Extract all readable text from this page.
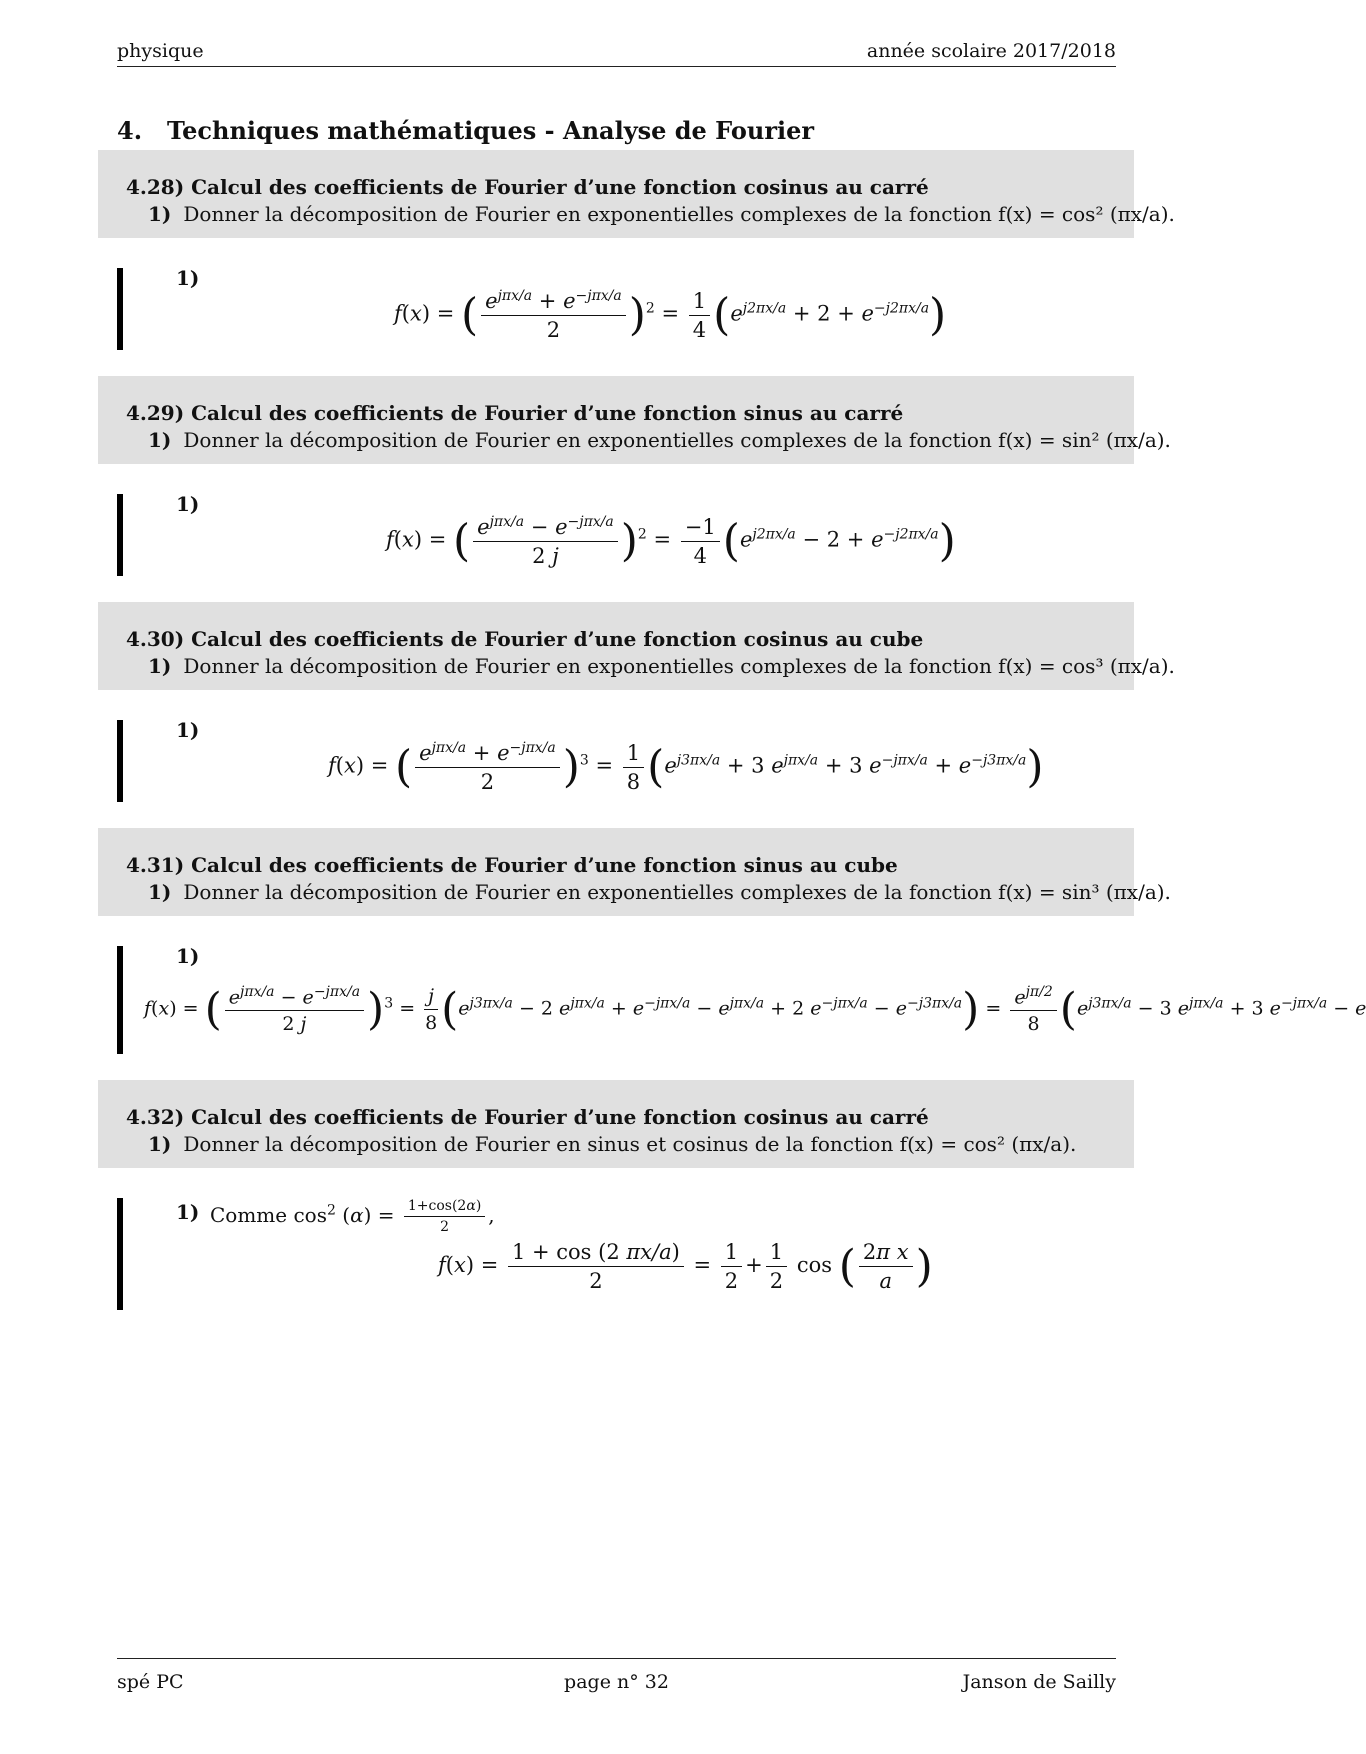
physique	année scolaire 2017/2018
4. Techniques mathématiques - Analyse de Fourier
4.28) Calcul des coefficients de Fourier d’une fonction cosinus au carré
1) Donner la décomposition de Fourier en exponentielles complexes de la fonction f(x) = cos² (πx/a).
1)
f(x) = ( $\frac{e^{j\pi x/a} + e^{-j\pi x/a}}{2} )^2 = \frac{1}{4} (e^{j2\pi x/a} + 2 + e^{-j2\pi x/a})$
4.29) Calcul des coefficients de Fourier d’une fonction sinus au carré
1) Donner la décomposition de Fourier en exponentielles complexes de la fonction f(x) = sin² (πx/a).
1)
f(x) = ( $\frac{e^{j\pi x/a} - e^{-j\pi x/a}}{2 j} )^2 = \frac{-1}{4} (e^{j2\pi x/a} - 2 + e^{-j2\pi x/a})$
4.30) Calcul des coefficients de Fourier d’une fonction cosinus au cube
1) Donner la décomposition de Fourier en exponentielles complexes de la fonction f(x) = cos³ (πx/a).
1)
f(x) = ( $\frac{e^{j\pi x/a} + e^{-j\pi x/a}}{2} )^3 = \frac{1}{8} (e^{j3\pi x/a} + 3$ $e^{j\pi x/a} + 3$ $e^{-j\pi x/a} + e^{-j3\pi x/a}$)
4.31) Calcul des coefficients de Fourier d’une fonction sinus au cube
1) Donner la décomposition de Fourier en exponentielles complexes de la fonction f(x) = sin³ (πx/a).
1)
f(x) = ( $\frac{e^{j\pi x/a} - e^{-j\pi x/a}}{2 j} )^3 = \frac{j}{8} (e^{j3\pi x/a} - 2$ $e^{j\pi x/a} + e^{-j\pi x/a} - e^{j\pi x/a} + 2$ $e^{-j\pi x/a} - e^{-j3\pi x/a}) = \frac{e^{j\pi/2}}{8} (e^{j3\pi x/a} - 3$ $e^{j\pi x/a} + 3$ $e^{-j\pi x/a} - e$
4.32) Calcul des coefficients de Fourier d’une fonction cosinus au carré
1) Donner la décomposition de Fourier en sinus et cosinus de la fonction f(x) = cos² (πx/a).
1) Comme $\cos^2 (\alpha) = \frac{1+\cos(2\alpha)}{2}$ ,
$f(x) = \frac{1 + \cos (2 \pi x/a)}{2} = \frac{1}{2} + \frac{1}{2}$ cos ( $\frac{\text{2π x}}{a}$ )
spé PC	page n° 32	Janson de Sailly
